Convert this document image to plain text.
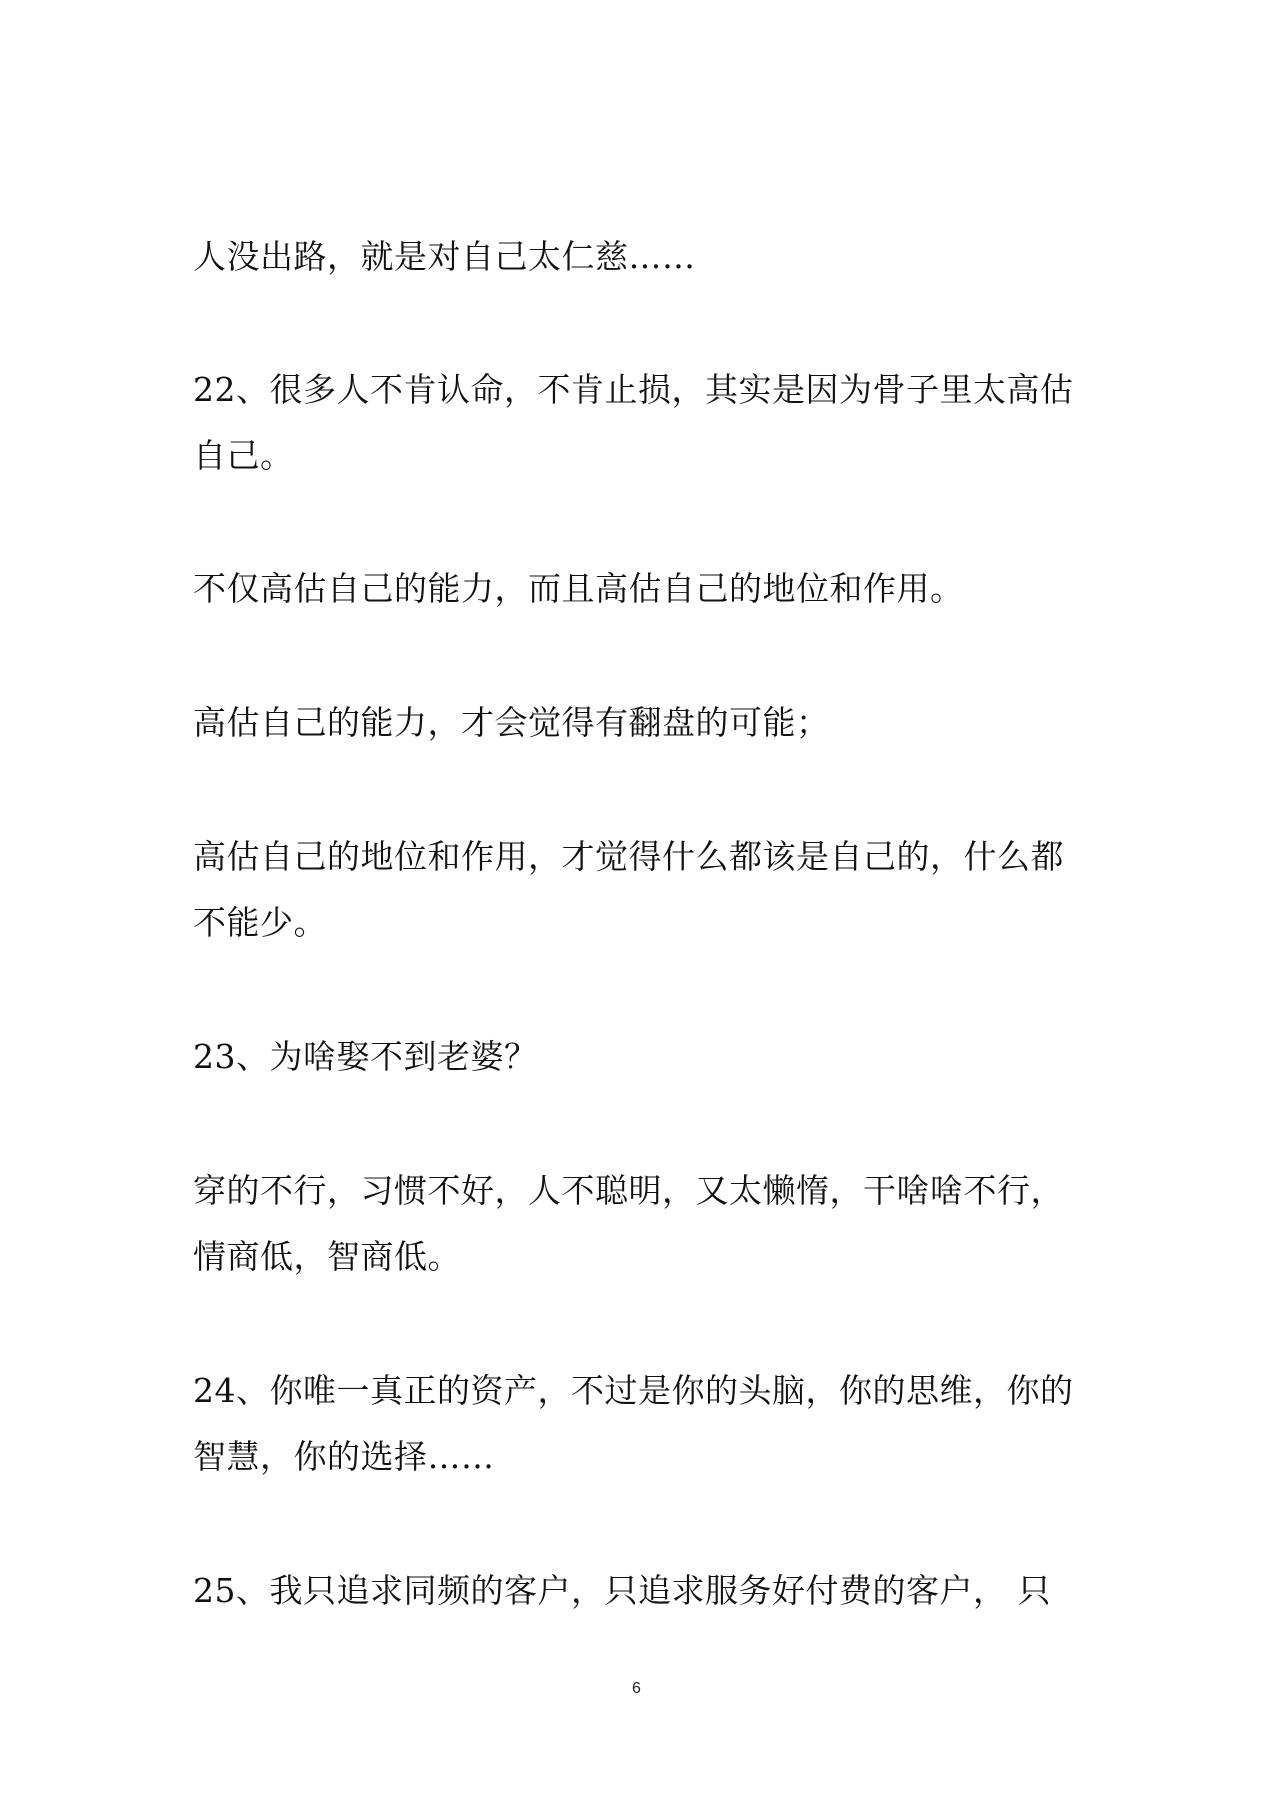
人没出路，就是对自己太仁慈……
22、很多人不肯认命，不肯止损，其实是因为骨子里太高估
自己。
不仅高估自己的能力，而且高估自己的地位和作用。
高估自己的能力，才会觉得有翻盘的可能；
高估自己的地位和作用，才觉得什么都该是自己的，什么都
不能少。
23、为啥娶不到老婆？
穿的不行，习惯不好，人不聪明，又太懒惰，干啥啥不行，
情商低，智商低。
24、你唯一真正的资产，不过是你的头脑，你的思维，你的
智慧，你的选择……
25、我只追求同频的客户，只追求服务好付费的客户， 只
6
